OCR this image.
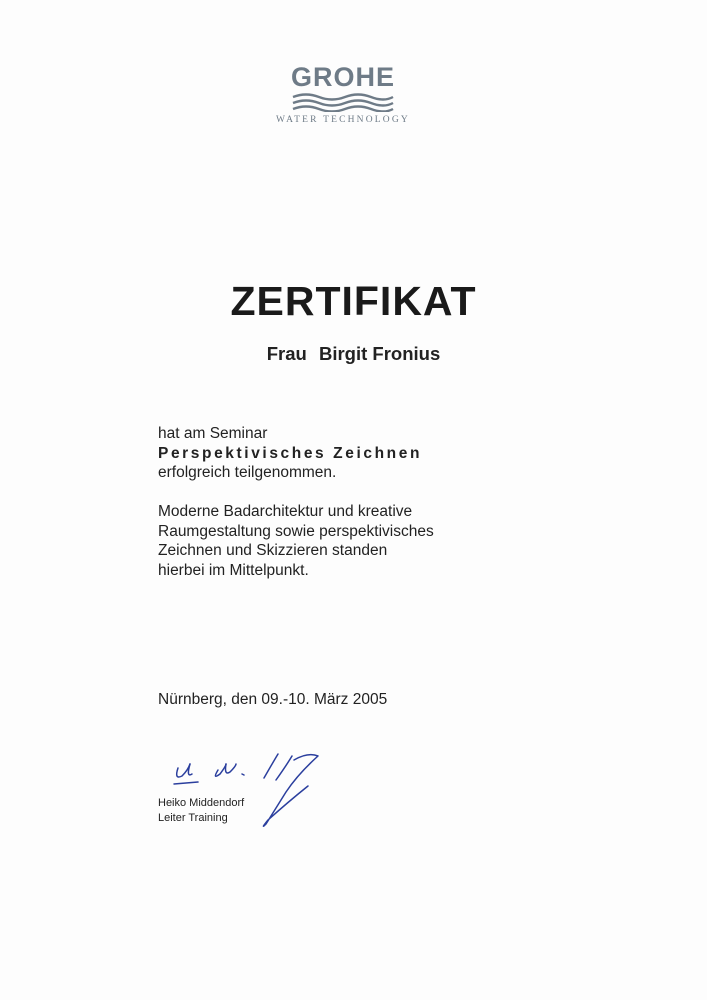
GROHE
WATER TECHNOLOGY
ZERTIFIKAT
Frau Birgit Fronius
hat am Seminar
Perspektivisches Zeichnen
erfolgreich teilgenommen.
Moderne Badarchitektur und kreative
Raumgestaltung sowie perspektivisches
Zeichnen und Skizzieren standen
hierbei im Mittelpunkt.
Nürnberg, den 09.-10. März 2005
Heiko Middendorf
Leiter Training
